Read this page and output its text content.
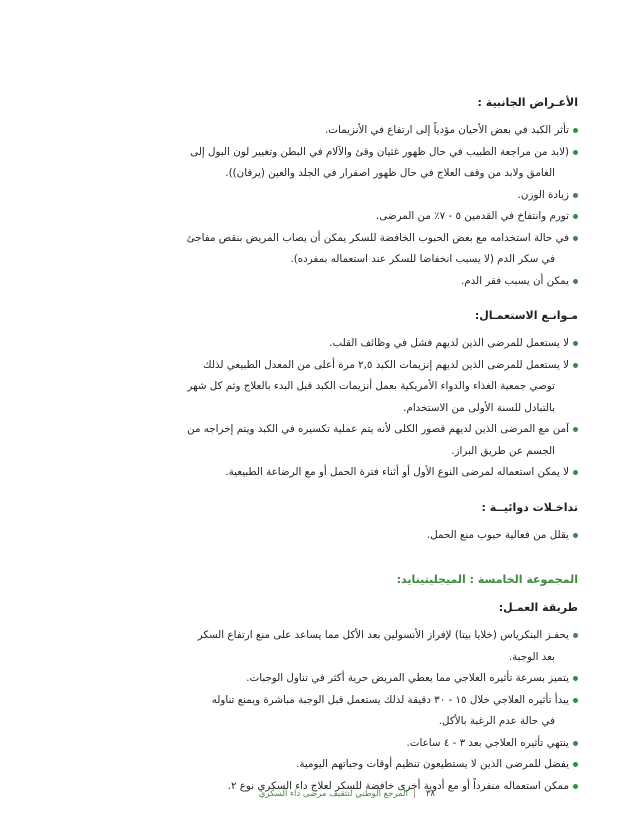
الأعـراض الجانبية :
تأثر الكبد في بعض الأحيان مؤدياً إلى ارتفاع في الأنزيمات.
(لابد من مراجعة الطبيب في حال ظهور غثيان وقئ والآلام في البطن وتغيير لون البول إلى
الغامق ولابد من وقف العلاج في حال ظهور اصفرار في الجلد والعين (يرقان)).
زيادة الوزن.
تورم وانتفاخ في القدمين ٥ - ٧٪ من المرضى.
في حالة استخدامه مع بعض الحبوب الخافضة للسكر يمكن أن يصاب المريض بنقص مفاجئ
في سكر الدم (لا يسبب انخفاضا للسكر عند استعماله بمفرده).
يمكن أن يسبب فقر الدم.
مـوانـع الاستعمـال:
لا يستعمل للمرضى الذين لديهم فشل في وظائف القلب.
لا يستعمل للمرضى الذين لديهم إنزيمات الكبد ٢,٥ مرة أعلى من المعدل الطبيعي لذلك
توصي جمعية الغذاء والدواء الأمريكية بعمل أنزيمات الكبد قبل البدء بالعلاج وثم كل شهر
بالتبادل للسنة الأولى من الاستخدام.
آمن مع المرضى الذين لديهم قصور الكلى لأنه يتم عملية تكسيره في الكبد ويتم إخراجه من
الجسم عن طريق البراز.
لا يمكن استعماله لمرضى النوع الأول أو أثناء فترة الحمل أو مع الرضاعة الطبيعية.
تداخـلات دوائيــة :
يقلل من فعالية حبوب منع الحمل.
المجموعة الخامسة : الميجليتينايد:
طريقة العمـل:
يحفـز البنكرياس (خلايا بيتا) لإفراز الأنسولين بعد الأكل مما يساعد على منع ارتفاع السكر
بعد الوجبة.
يتميز بسرعة تأثيره العلاجي مما يعطي المريض حرية أكثر في تناول الوجبات.
يبدأ تأثيره العلاجي خلال ١٥ - ٣٠ دقيقة لذلك يستعمل قبل الوجبة مباشرة ويمنع تناوله
في حالة عدم الرغبة بالأكل.
ينتهي تأثيره العلاجي بعد ٣ - ٤ ساعات.
يفضل للمرضى الذين لا يستطيعون تنظيم أوقات وجباتهم اليومية.
ممكن استعماله منفرداً أو مع أدوية أخرى خافضة للسكر لعلاج داء السكري نوع ٢.
المرجع الوطني لتثقيف مرضى داء السكري | ٣٨
